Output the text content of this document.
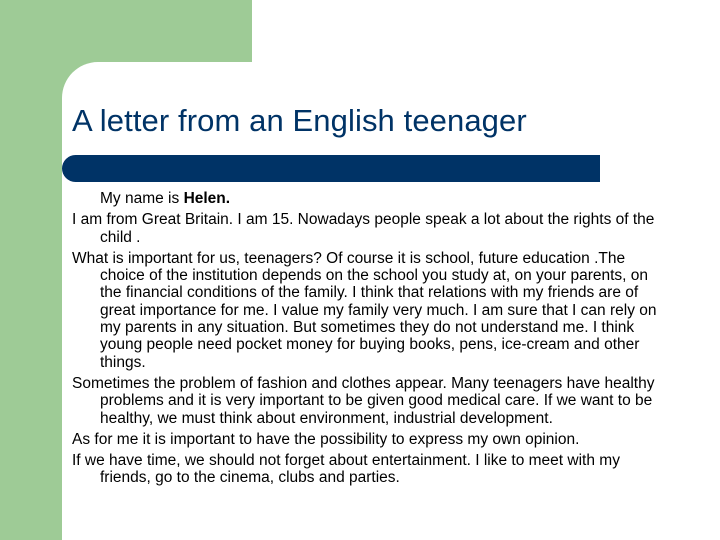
A letter from an English teenager

My name is Helen.

I am from Great Britain. I am 15. Nowadays people speak a lot about the rights of the child .

What is important for us, teenagers? Of course it is school, future education .The choice of the institution depends on the school you study at, on your parents, on the financial conditions of the family. I think that relations with my friends are of great importance for me. I value my family very much. I am sure that I can rely on my parents in any situation. But sometimes they do not understand me. I think young people need pocket money for buying books, pens, ice-cream and other things.

Sometimes the problem of fashion and clothes appear. Many teenagers have healthy problems and it is very important to be given good medical care. If we want to be healthy, we must think about environment, industrial development.

As for me it is important to have the possibility to express my own opinion.

If we have time, we should not forget about entertainment. I like to meet with my friends, go to the cinema, clubs and parties.
